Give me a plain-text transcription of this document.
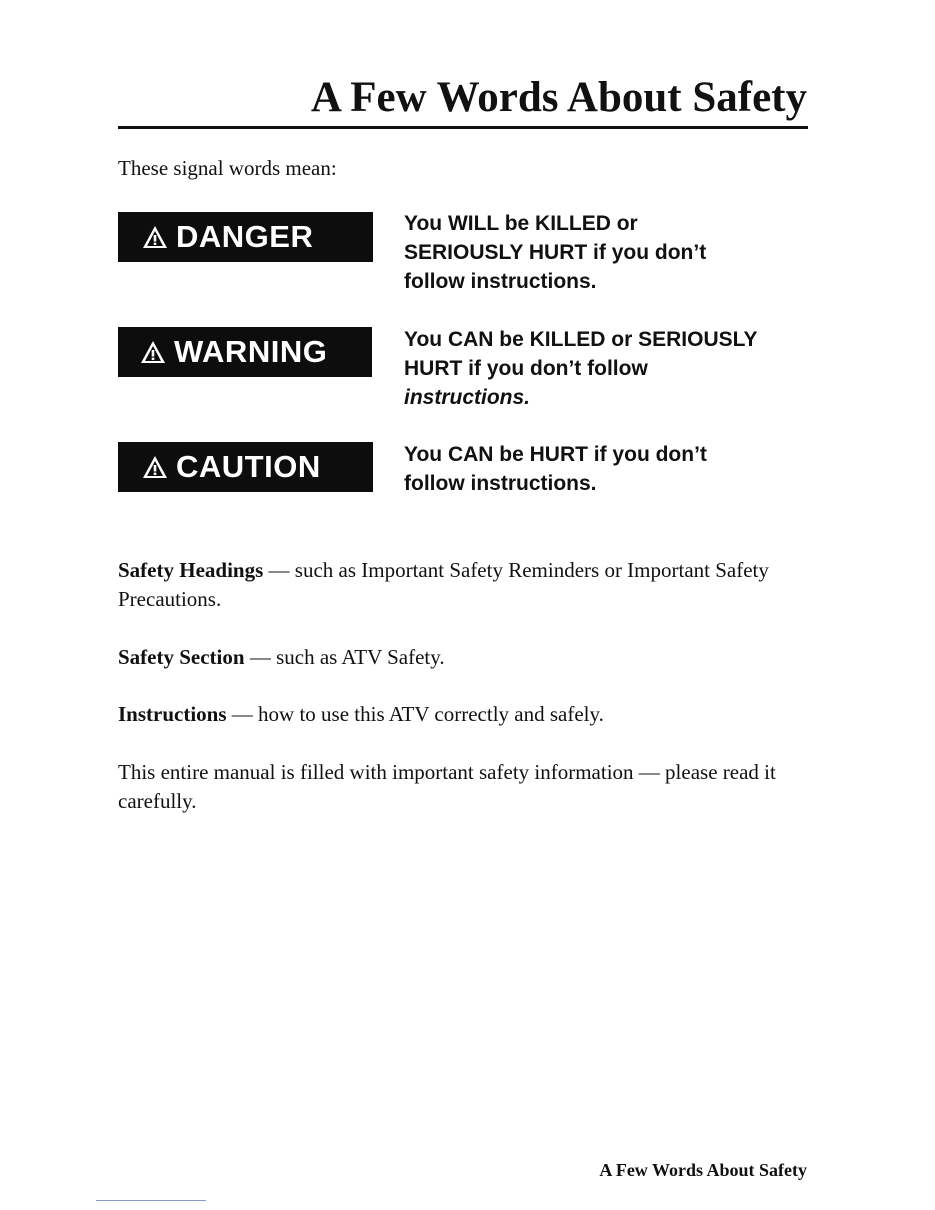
A Few Words About Safety
These signal words mean:
DANGER	You WILL be KILLED or
SERIOUSLY HURT if you don’t
follow instructions.
WARNING	You CAN be KILLED or SERIOUSLY
HURT if you don’t follow
instructions.
CAUTION	You CAN be HURT if you don’t
follow instructions.
Safety Headings — such as Important Safety Reminders or Important Safety Precautions.
Safety Section — such as ATV Safety.
Instructions — how to use this ATV correctly and safely.
This entire manual is filled with important safety information — please read it carefully.
A Few Words About Safety
